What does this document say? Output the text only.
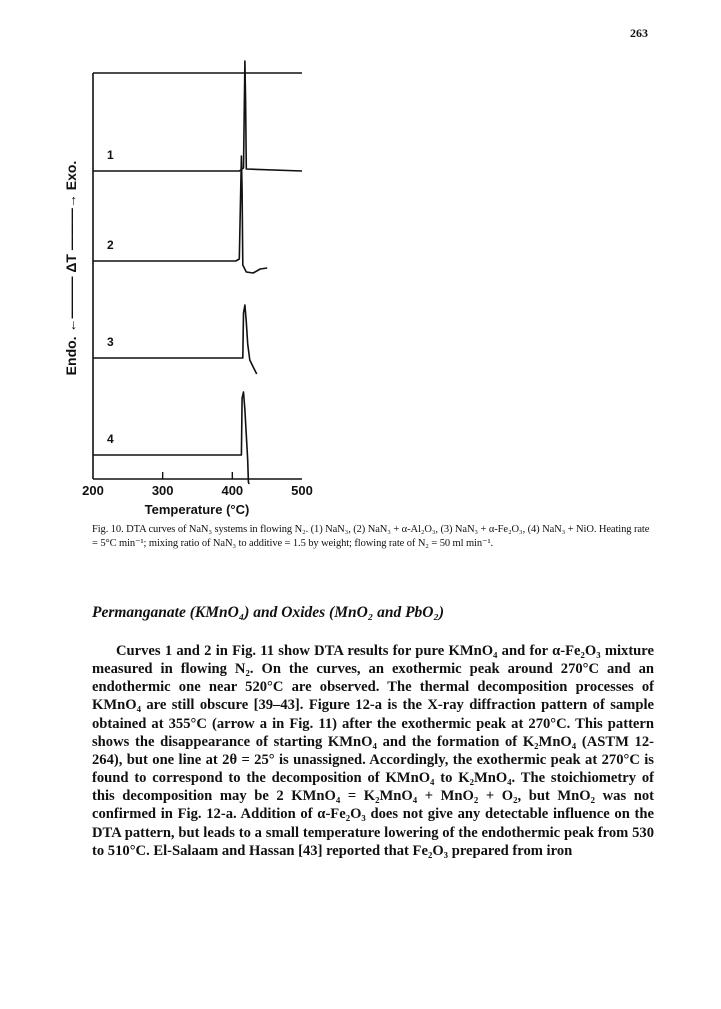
263
Endo. ←——— ΔT ———→ Exo.
Temperature (°C)
200	300	400	500
1
2
3
4
Fig. 10. DTA curves of NaN₃ systems in flowing N₂. (1) NaN₃, (2) NaN₃ + α-Al₂O₃, (3) NaN₃ + α-Fe₂O₃, (4) NaN₃ + NiO. Heating rate = 5°C min⁻¹; mixing ratio of NaN₃ to additive = 1.5 by weight; flowing rate of N₂ = 50 ml min⁻¹.
Permanganate (KMnO₄) and Oxides (MnO₂ and PbO₂)

Curves 1 and 2 in Fig. 11 show DTA results for pure KMnO₄ and for α-Fe₂O₃ mixture measured in flowing N₂. On the curves, an exothermic peak around 270°C and an endothermic one near 520°C are observed. The thermal decomposition processes of KMnO₄ are still obscure [39–43]. Figure 12-a is the X-ray diffraction pattern of sample obtained at 355°C (arrow a in Fig. 11) after the exothermic peak at 270°C. This pattern shows the disappearance of starting KMnO₄ and the formation of K₂MnO₄ (ASTM 12-264), but one line at 2θ = 25° is unassigned. Accordingly, the exothermic peak at 270°C is found to correspond to the decomposition of KMnO₄ to K₂MnO₄. The stoichiometry of this decomposition may be 2 KMnO₄ = K₂MnO₄ + MnO₂ + O₂, but MnO₂ was not confirmed in Fig. 12-a. Addition of α-Fe₂O₃ does not give any detectable influence on the DTA pattern, but leads to a small temperature lowering of the endothermic peak from 530 to 510°C. El-Salaam and Hassan [43] reported that Fe₂O₃ prepared from iron
